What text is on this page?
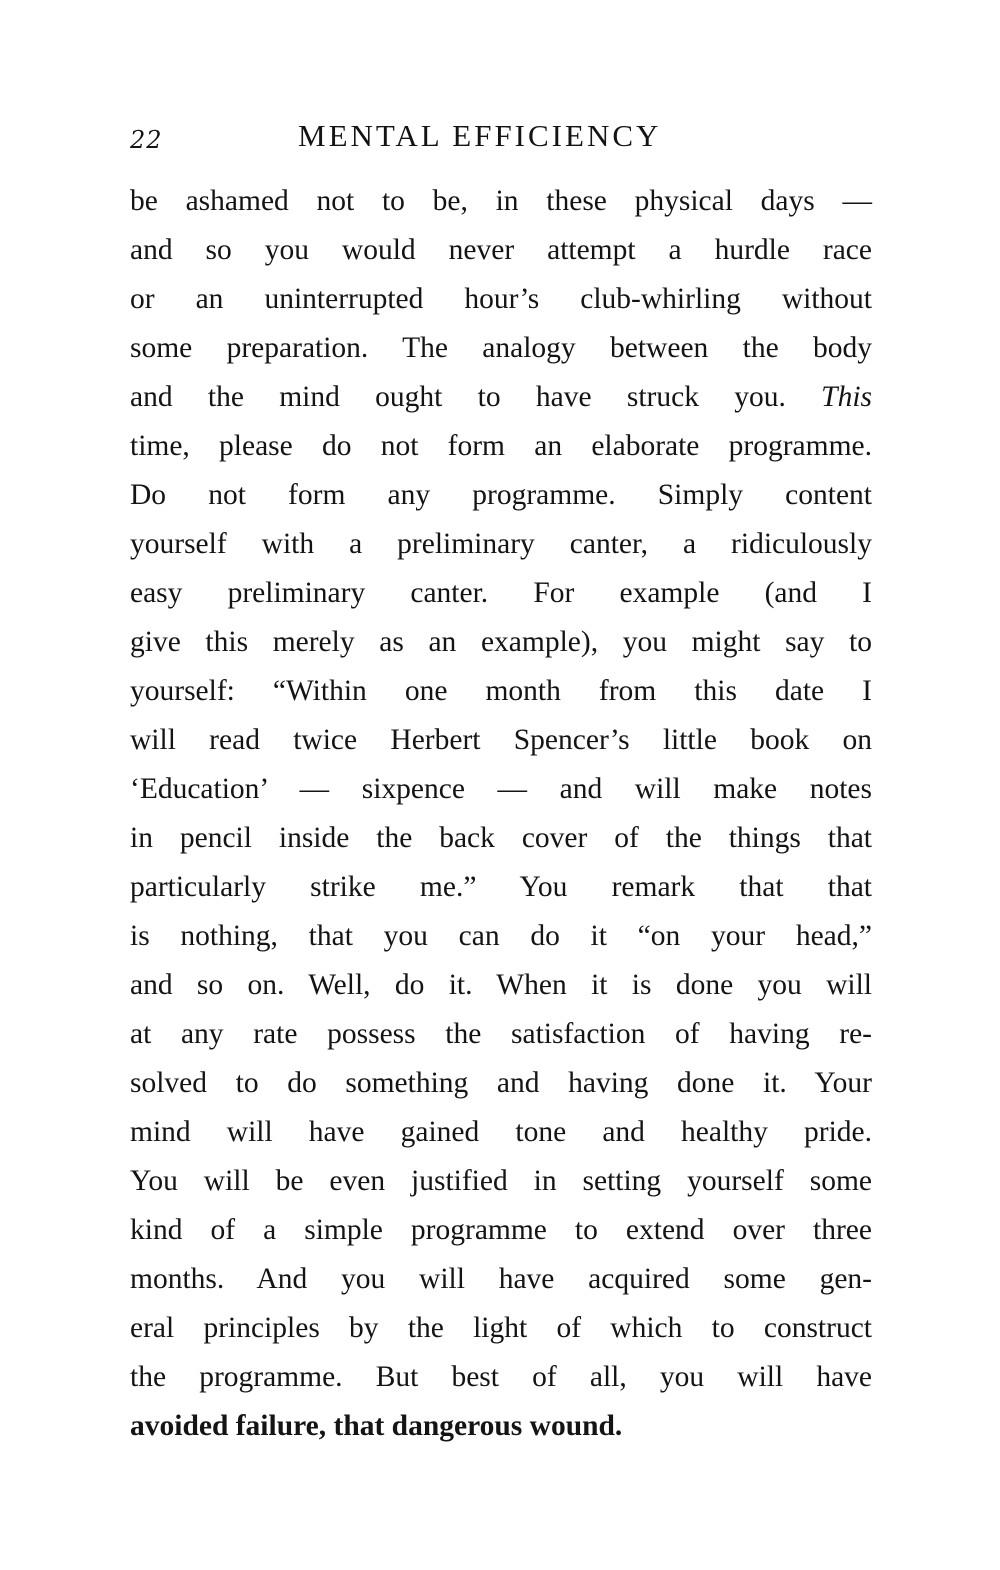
22	MENTAL EFFICIENCY
be ashamed not to be, in these physical days —
and so you would never attempt a hurdle race
or an uninterrupted hour’s club-whirling without
some preparation. The analogy between the body
and the mind ought to have struck you. This
time, please do not form an elaborate programme.
Do not form any programme. Simply content
yourself with a preliminary canter, a ridiculously
easy preliminary canter. For example (and I
give this merely as an example), you might say to
yourself: “Within one month from this date I
will read twice Herbert Spencer’s little book on
‘Education’ — sixpence — and will make notes
in pencil inside the back cover of the things that
particularly strike me.” You remark that that
is nothing, that you can do it “on your head,”
and so on. Well, do it. When it is done you will
at any rate possess the satisfaction of having re-
solved to do something and having done it. Your
mind will have gained tone and healthy pride.
You will be even justified in setting yourself some
kind of a simple programme to extend over three
months. And you will have acquired some gen-
eral principles by the light of which to construct
the programme. But best of all, you will have
avoided failure, that dangerous wound.
